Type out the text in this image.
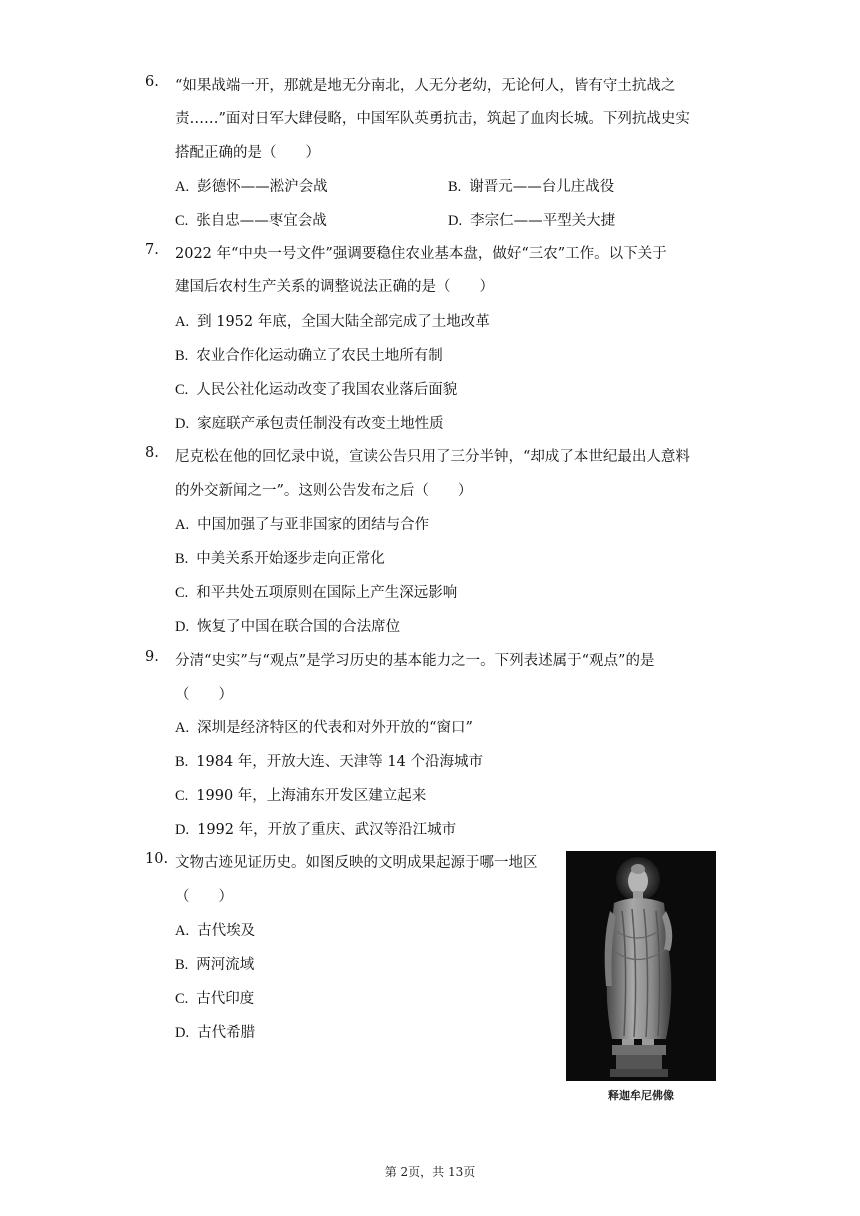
6. “如果战端一开，那就是地无分南北，人无分老幼，无论何人，皆有守土抗战之
责……”面对日军大肆侵略，中国军队英勇抗击，筑起了血肉长城。下列抗战史实
搭配正确的是（　　）
A. 彭德怀——淞沪会战	B. 谢晋元——台儿庄战役
C. 张自忠——枣宜会战	D. 李宗仁——平型关大捷
7. 2022 年“中央一号文件”强调要稳住农业基本盘，做好“三农”工作。以下关于
建国后农村生产关系的调整说法正确的是（　　）
A. 到 1952 年底，全国大陆全部完成了土地改革
B. 农业合作化运动确立了农民土地所有制
C. 人民公社化运动改变了我国农业落后面貌
D. 家庭联产承包责任制没有改变土地性质
8. 尼克松在他的回忆录中说，宣读公告只用了三分半钟，“却成了本世纪最出人意料
的外交新闻之一”。这则公告发布之后（　　）
A. 中国加强了与亚非国家的团结与合作
B. 中美关系开始逐步走向正常化
C. 和平共处五项原则在国际上产生深远影响
D. 恢复了中国在联合国的合法席位
9. 分清“史实”与“观点”是学习历史的基本能力之一。下列表述属于“观点”的是
（　　）
A. 深圳是经济特区的代表和对外开放的“窗口”
B. 1984 年，开放大连、天津等 14 个沿海城市
C. 1990 年，上海浦东开发区建立起来
D. 1992 年，开放了重庆、武汉等沿江城市
10. 文物古迹见证历史。如图反映的文明成果起源于哪一地区
（　　）
A. 古代埃及
B. 两河流域
C. 古代印度
D. 古代希腊
释迦牟尼佛像
第 2页，共 13页
